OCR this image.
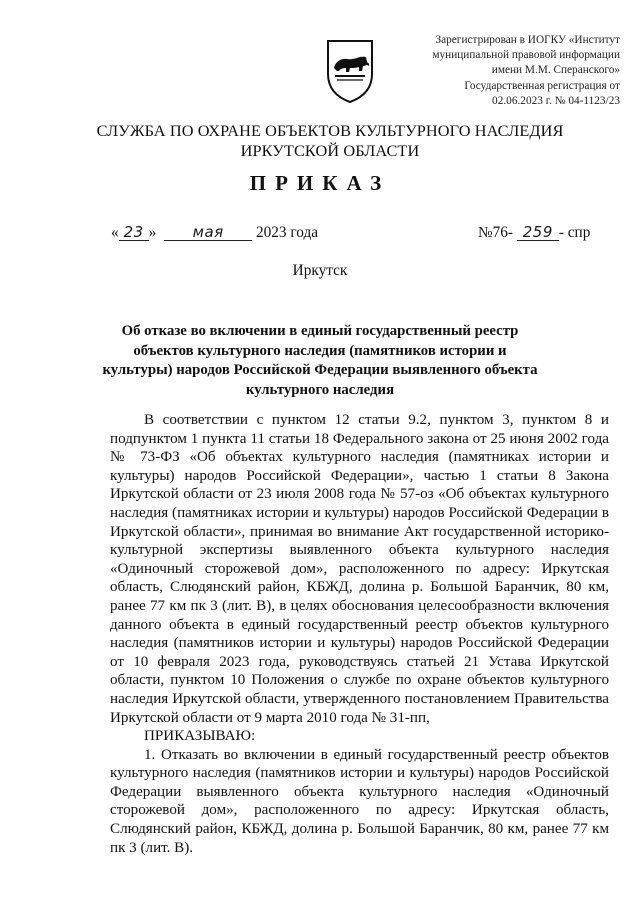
Зарегистрирован в ИОГКУ «Институт
муниципальной правовой информации
имени М.М. Сперанского»
Государственная регистрация от
02.06.2023 г. № 04-1123/23
СЛУЖБА ПО ОХРАНЕ ОБЪЕКТОВ КУЛЬТУРНОГО НАСЛЕДИЯ
ИРКУТСКОЙ ОБЛАСТИ
ПРИКАЗ
« 23 » мая 2023 года	№76- 259 - спр
Иркутск
Об отказе во включении в единый государственный реестр объектов культурного наследия (памятников истории и культуры) народов Российской Федерации выявленного объекта культурного наследия

В соответствии с пунктом 12 статьи 9.2, пунктом 3, пунктом 8 и подпунктом 1 пункта 11 статьи 18 Федерального закона от 25 июня 2002 года № 73-ФЗ «Об объектах культурного наследия (памятниках истории и культуры) народов Российской Федерации», частью 1 статьи 8 Закона Иркутской области от 23 июля 2008 года № 57-оз «Об объектах культурного наследия (памятниках истории и культуры) народов Российской Федерации в Иркутской области», принимая во внимание Акт государственной историко-культурной экспертизы выявленного объекта культурного наследия «Одиночный сторожевой дом», расположенного по адресу: Иркутская область, Слюдянский район, КБЖД, долина р. Большой Баранчик, 80 км, ранее 77 км пк 3 (лит. В), в целях обоснования целесообразности включения данного объекта в единый государственный реестр объектов культурного наследия (памятников истории и культуры) народов Российской Федерации от 10 февраля 2023 года, руководствуясь статьей 21 Устава Иркутской области, пунктом 10 Положения о службе по охране объектов культурного наследия Иркутской области, утвержденного постановлением Правительства Иркутской области от 9 марта 2010 года № 31-пп,

ПРИКАЗЫВАЮ:

1. Отказать во включении в единый государственный реестр объектов культурного наследия (памятников истории и культуры) народов Российской Федерации выявленного объекта культурного наследия «Одиночный сторожевой дом», расположенного по адресу: Иркутская область, Слюдянский район, КБЖД, долина р. Большой Баранчик, 80 км, ранее 77 км пк 3 (лит. В).
